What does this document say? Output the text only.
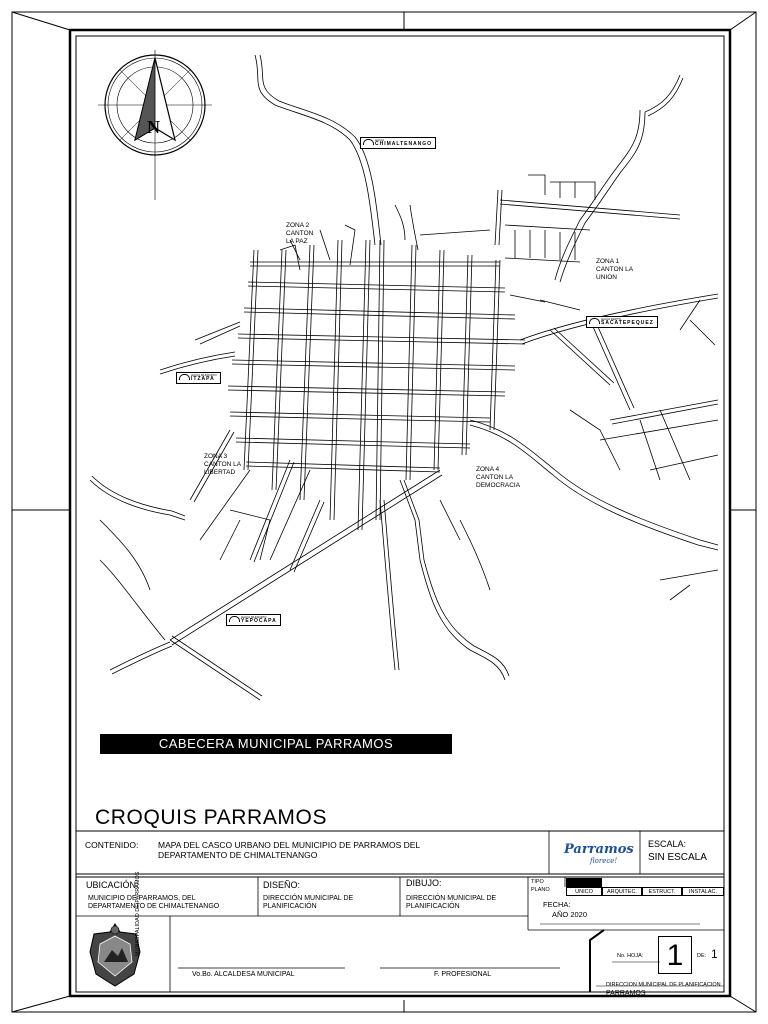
N
ZONA 2
CANTON
LA PAZ
ZONA 1
CANTON LA
UNION
ZONA 3
CANTON LA
LIBERTAD	ZONA 4
CANTON LA
DEMOCRACIA
HACIA
CHIMALTENANGO
HACIA DEPTO.
SACATEPEQUEZ
HACIA MUNICIPIO
ITZAPA
HACIA MUNICIPIO
YEPOCAPA
CABECERA MUNICIPAL PARRAMOS
CROQUIS PARRAMOS
CONTENIDO: MAPA DEL CASCO URBANO DEL MUNICIPIO DE PARRAMOS DEL
DEPARTAMENTO DE CHIMALTENANGO	Parramos
florece!
ESCALA:
SIN ESCALA
UBICACIÓN:
MUNICIPIO DE PARRAMOS, DEL
DEPARTAMENTO DE CHIMALTENANGO
DISEÑO:
DIRECCIÓN MUNICIPAL DE
PLANIFICACIÓN
DIBUJO:
DIRECCIÓN MUNICIPAL DE
PLANIFICACIÓN
TIPO
PLANO	UNICO	ARQUITEC.	ESTRUCT.	INSTALAC.
FECHA:
AÑO 2020
MUNICIPALIDAD DE PARRAMOS
Vo.Bo. ALCALDESA MUNICIPAL	F. PROFESIONAL
No. HOJA: 1	DE: 1
DIRECCION MUNICIPAL DE PLANIFICACION
PARRAMOS
